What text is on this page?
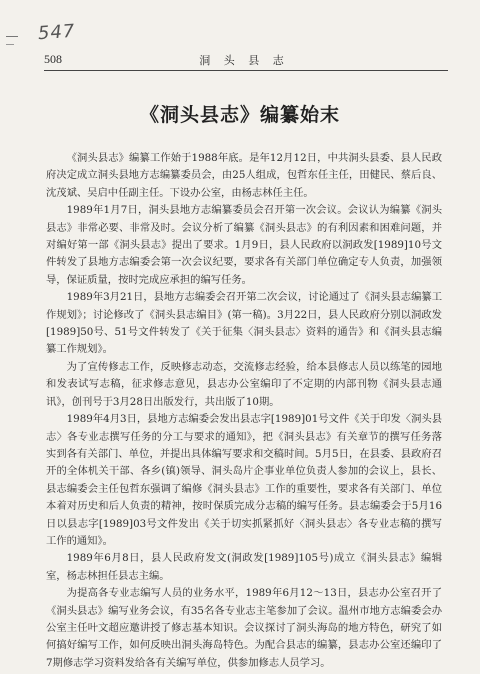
547
508	洞 头 县 志
《洞头县志》编纂始末

《洞头县志》编纂工作始于1988年底。是年12月12日，中共洞头县委、县人民政府决定成立洞头县地方志编纂委员会，由25人组成，包哲东任主任，田健民、蔡后良、沈茂斌、吴启中任副主任。下设办公室，由杨志林任主任。

1989年1月7日，洞头县地方志编纂委员会召开第一次会议。会议认为编纂《洞头县志》非常必要、非常及时。会议分析了编纂《洞头县志》的有利因素和困难问题，并对编好第一部《洞头县志》提出了要求。1月9日，县人民政府以洞政发[1989]10号文件转发了县地方志编委会第一次会议纪要，要求各有关部门单位确定专人负责，加强领导，保证质量，按时完成应承担的编写任务。

1989年3月21日，县地方志编委会召开第二次会议，讨论通过了《洞头县志编纂工作规划》；讨论修改了《洞头县志编目》(第一稿)。3月22日，县人民政府分别以洞政发[1989]50号、51号文件转发了《关于征集〈洞头县志〉资料的通告》和《洞头县志编纂工作规划》。

为了宣传修志工作，反映修志动态，交流修志经验，给本县修志人员以练笔的园地和发表试写志稿，征求修志意见，县志办公室编印了不定期的内部刊物《洞头县志通讯》，创刊号于3月28日出版发行，共出版了10期。

1989年4月3日，县地方志编委会发出县志字[1989]01号文件《关于印发〈洞头县志〉各专业志撰写任务的分工与要求的通知》，把《洞头县志》有关章节的撰写任务落实到各有关部门、单位，并提出具体编写要求和交稿时间。5月5日，在县委、县政府召开的全体机关干部、各乡(镇)领导、洞头岛片企事业单位负责人参加的会议上，县长、县志编委会主任包哲东强调了编修《洞头县志》工作的重要性，要求各有关部门、单位本着对历史和后人负责的精神，按时保质完成分志稿的编写任务。县志编委会于5月16日以县志字[1989]03号文件发出《关于切实抓紧抓好〈洞头县志〉各专业志稿的撰写工作的通知》。

1989年6月8日，县人民政府发文(洞政发[1989]105号)成立《洞头县志》编辑室，杨志林担任县志主编。

为提高各专业志编写人员的业务水平，1989年6月12～13日，县志办公室召开了《洞头县志》编写业务会议，有35名各专业志主笔参加了会议。温州市地方志编委会办公室主任叶文超应邀讲授了修志基本知识。会议探讨了洞头海岛的地方特色，研究了如何搞好编写工作，如何反映出洞头海岛特色。为配合县志的编纂，县志办公室还编印了7期修志学习资料发给各有关编写单位，供参加修志人员学习。
